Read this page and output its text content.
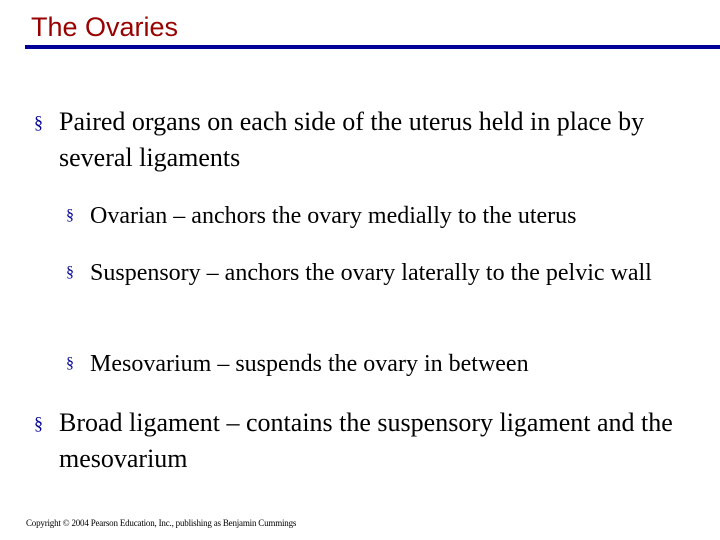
The Ovaries
§ Paired organs on each side of the uterus held in place by several ligaments
§ Ovarian – anchors the ovary medially to the uterus
§ Suspensory – anchors the ovary laterally to the pelvic wall
§ Mesovarium – suspends the ovary in between
§ Broad ligament – contains the suspensory ligament and the mesovarium
Copyright © 2004 Pearson Education, Inc., publishing as Benjamin Cummings
